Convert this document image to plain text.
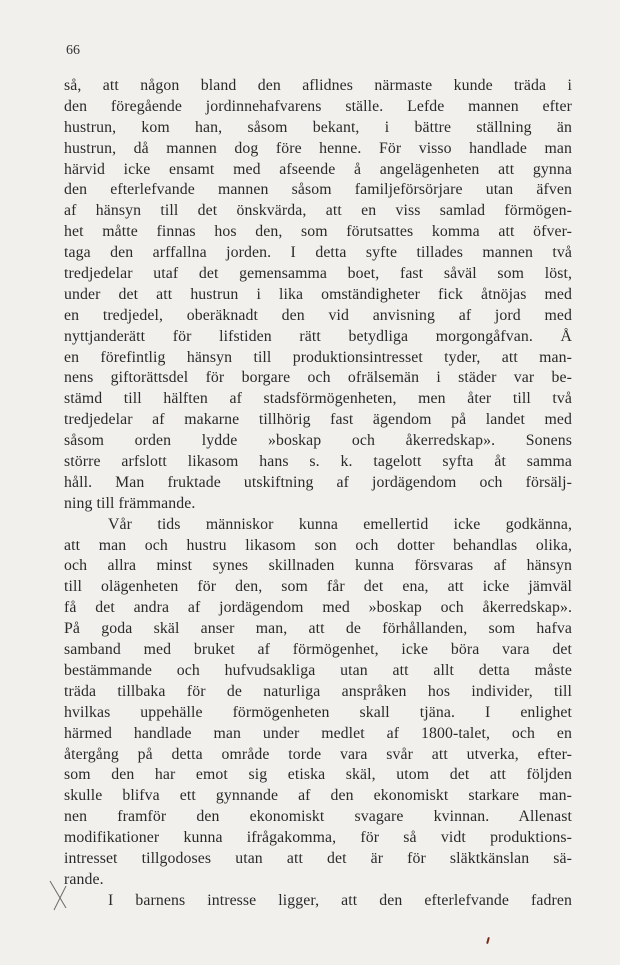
66
så, att någon bland den aflidnes närmaste kunde träda i
den föregående jordinnehafvarens ställe. Lefde mannen efter
hustrun, kom han, såsom bekant, i bättre ställning än
hustrun, då mannen dog före henne. För visso handlade man
härvid icke ensamt med afseende å angelägenheten att gynna
den efterlefvande mannen såsom familjeförsörjare utan äfven
af hänsyn till det önskvärda, att en viss samlad förmögen-
het måtte finnas hos den, som förutsattes komma att öfver-
taga den arffallna jorden. I detta syfte tillades mannen två
tredjedelar utaf det gemensamma boet, fast såväl som löst,
under det att hustrun i lika omständigheter fick åtnöjas med
en tredjedel, oberäknadt den vid anvisning af jord med
nyttjanderätt för lifstiden rätt betydliga morgongåfvan. Å
en förefintlig hänsyn till produktionsintresset tyder, att man-
nens giftorättsdel för borgare och ofrälsemän i städer var be-
stämd till hälften af stadsförmögenheten, men åter till två
tredjedelar af makarne tillhörig fast ägendom på landet med
såsom orden lydde »boskap och åkerredskap». Sonens
större arfslott likasom hans s. k. tagelott syfta åt samma
håll. Man fruktade utskiftning af jordägendom och försälj-
ning till främmande.
Vår tids människor kunna emellertid icke godkänna,
att man och hustru likasom son och dotter behandlas olika,
och allra minst synes skillnaden kunna försvaras af hänsyn
till olägenheten för den, som får det ena, att icke jämväl
få det andra af jordägendom med »boskap och åkerredskap».
På goda skäl anser man, att de förhållanden, som hafva
samband med bruket af förmögenhet, icke böra vara det
bestämmande och hufvudsakliga utan att allt detta måste
träda tillbaka för de naturliga anspråken hos individer, till
hvilkas uppehälle förmögenheten skall tjäna. I enlighet
härmed handlade man under medlet af 1800-talet, och en
återgång på detta område torde vara svår att utverka, efter-
som den har emot sig etiska skäl, utom det att följden
skulle blifva ett gynnande af den ekonomiskt starkare man-
nen framför den ekonomiskt svagare kvinnan. Allenast
modifikationer kunna ifrågakomma, för så vidt produktions-
intresset tillgodoses utan att det är för släktkänslan sä-
rande.
I barnens intresse ligger, att den efterlefvande fadren
